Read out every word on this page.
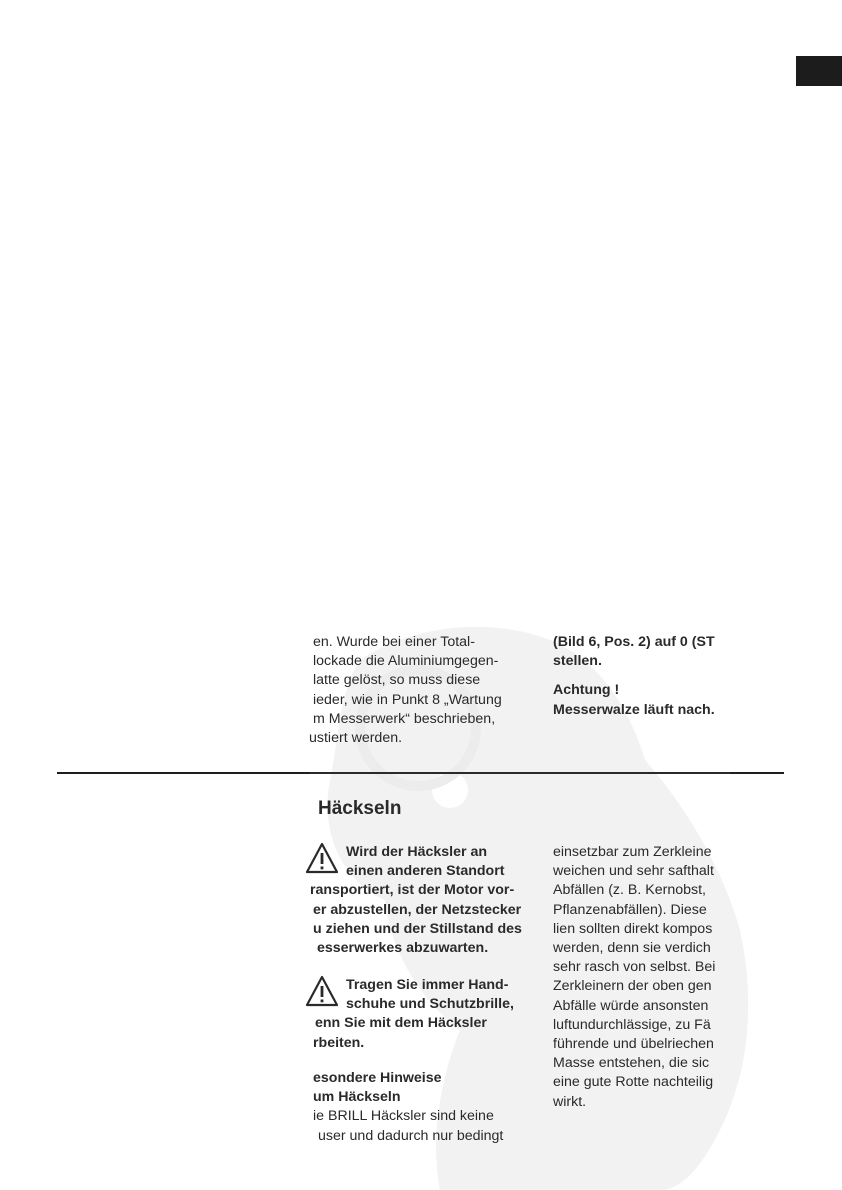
en. Wurde bei einer Total-

lockade die Aluminiumgegen-

latte gelöst, so muss diese

ieder, wie in Punkt 8 „Wartung

m Messerwerk“ beschrieben,

ustiert werden.

(Bild 6, Pos. 2) auf 0 (ST

stellen.

Achtung !

Messerwalze läuft nach.

Häckseln

Wird der Häcksler an

einen anderen Standort

ransportiert, ist der Motor vor-

er abzustellen, der Netzstecker

u ziehen und der Stillstand des

esserwerkes abzuwarten.

Tragen Sie immer Hand-

schuhe und Schutzbrille,

enn Sie mit dem Häcksler

rbeiten.

esondere Hinweise

um Häckseln

ie BRILL Häcksler sind keine

user und dadurch nur bedingt

einsetzbar zum Zerkleine

weichen und sehr safthalt

Abfällen (z. B. Kernobst,

Pflanzenabfällen). Diese

lien sollten direkt kompos

werden, denn sie verdich

sehr rasch von selbst. Bei

Zerkleinern der oben gen

Abfälle würde ansonsten

luftundurchlässige, zu Fä

führende und übelriechen

Masse entstehen, die sic

eine gute Rotte nachteilig

wirkt.
